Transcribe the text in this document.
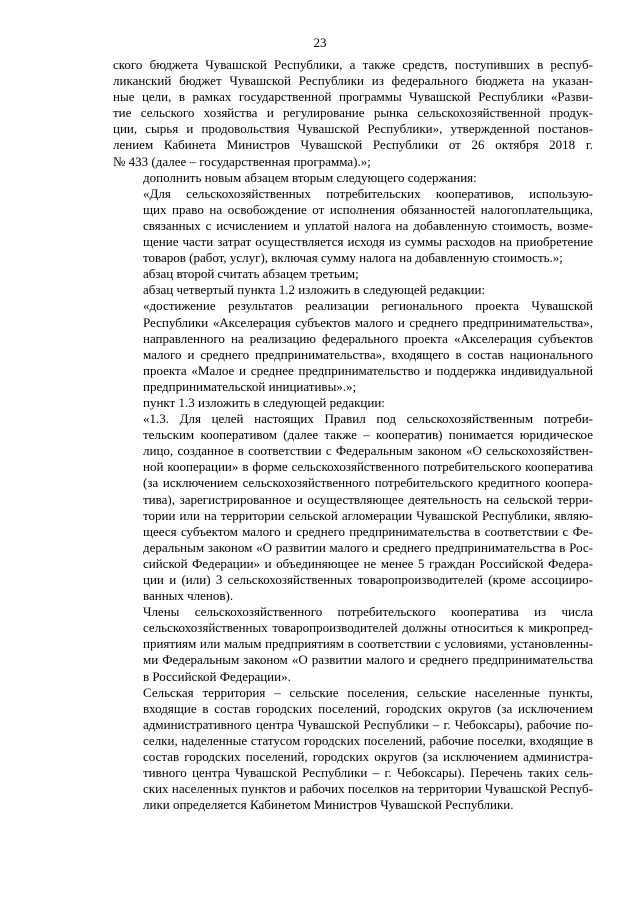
23

ского бюджета Чувашской Республики, а также средств, поступивших в респуб-
ликанский бюджет Чувашской Республики из федерального бюджета на указан-
ные цели, в рамках государственной программы Чувашской Республики «Разви-
тие сельского хозяйства и регулирование рынка сельскохозяйственной продук-
ции, сырья и продовольствия Чувашской Республики», утвержденной постанов-
лением Кабинета Министров Чувашской Республики от 26 октября 2018 г.
№ 433 (далее – государственная программа).»;

дополнить новым абзацем вторым следующего содержания:

«Для сельскохозяйственных потребительских кооперативов, использую-
щих право на освобождение от исполнения обязанностей налогоплательщика,
связанных с исчислением и уплатой налога на добавленную стоимость, возме-
щение части затрат осуществляется исходя из суммы расходов на приобретение
товаров (работ, услуг), включая сумму налога на добавленную стоимость.»;

абзац второй считать абзацем третьим;

абзац четвертый пункта 1.2 изложить в следующей редакции:

«достижение результатов реализации регионального проекта Чувашской
Республики «Акселерация субъектов малого и среднего предпринимательства»,
направленного на реализацию федерального проекта «Акселерация субъектов
малого и среднего предпринимательства», входящего в состав национального
проекта «Малое и среднее предпринимательство и поддержка индивидуальной
предпринимательской инициативы».»;

пункт 1.3 изложить в следующей редакции:

«1.3. Для целей настоящих Правил под сельскохозяйственным потреби-
тельским кооперативом (далее также – кооператив) понимается юридическое
лицо, созданное в соответствии с Федеральным законом «О сельскохозяйствен-
ной кооперации» в форме сельскохозяйственного потребительского кооператива
(за исключением сельскохозяйственного потребительского кредитного коопера-
тива), зарегистрированное и осуществляющее деятельность на сельской терри-
тории или на территории сельской агломерации Чувашской Республики, являю-
щееся субъектом малого и среднего предпринимательства в соответствии с Фе-
деральным законом «О развитии малого и среднего предпринимательства в Рос-
сийской Федерации» и объединяющее не менее 5 граждан Российской Федера-
ции и (или) 3 сельскохозяйственных товаропроизводителей (кроме ассоцииро-
ванных членов).

Члены сельскохозяйственного потребительского кооператива из числа
сельскохозяйственных товаропроизводителей должны относиться к микропред-
приятиям или малым предприятиям в соответствии с условиями, установленны-
ми Федеральным законом «О развитии малого и среднего предпринимательства
в Российской Федерации».

Сельская территория – сельские поселения, сельские населенные пункты,
входящие в состав городских поселений, городских округов (за исключением
административного центра Чувашской Республики – г. Чебоксары), рабочие по-
селки, наделенные статусом городских поселений, рабочие поселки, входящие в
состав городских поселений, городских округов (за исключением администра-
тивного центра Чувашской Республики – г. Чебоксары). Перечень таких сель-
ских населенных пунктов и рабочих поселков на территории Чувашской Респуб-
лики определяется Кабинетом Министров Чувашской Республики.
